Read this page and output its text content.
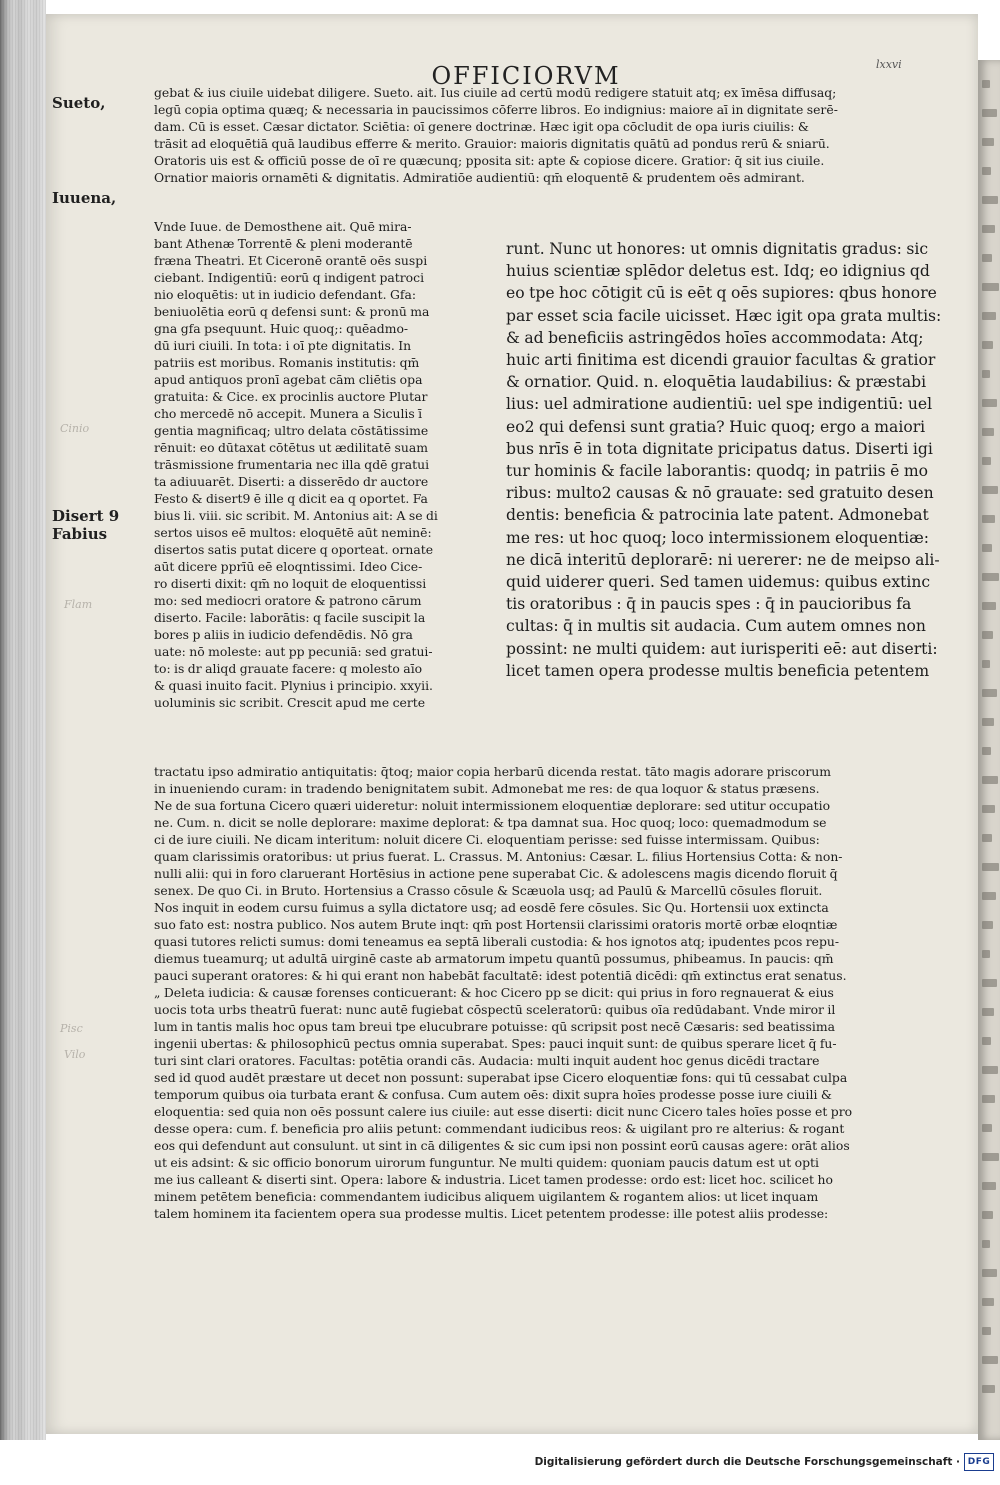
OFFICIORVM	lxxvi
Sueto,
Iuuena,
Disert 9
Fabius
Cinio
Flam
Pisc
Vilo
gebat & ius ciuile uidebat diligere. Sueto. ait. Ius ciuile ad certū modū redigere statuit atq; ex īmēsa diffusaq;
legū copia optima quæq; & necessaria in paucissimos cōferre libros. Eo indignius: maiore aī in dignitate serē-
dam. Cū is esset. Cæsar dictator. Sciētia: oī genere doctrinæ. Hæc igit opa cōcludit de opa iuris ciuilis: &
trāsit ad eloquētiā quā laudibus efferre & merito. Grauior: maioris dignitatis quātū ad pondus rerū & sniarū.
Oratoris uis est & officiū posse de oī re quæcunq; pposita sit: apte & copiose dicere. Gratior: q̄ sit ius ciuile.
Ornatior maioris ornamēti & dignitatis. Admiratiōe audientiū: qm̄ eloquentē & prudentem oēs admirant.
Vnde Iuue. de Demosthene ait. Quē mira-
bant Athenæ Torrentē & pleni moderantē
fræna Theatri. Et Ciceronē orantē oēs suspi
ciebant. Indigentiū: eorū q indigent patroci
nio eloquētis: ut in iudicio defendant. Gfa:
beniuolētia eorū q defensi sunt: & pronū ma
gna gfa psequunt. Huic quoq;: quēadmo-
dū iuri ciuili. In tota: i oī pte dignitatis. In
patriis est moribus. Romanis institutis: qm̄
apud antiquos pronī agebat cām cliētis opa
gratuita: & Cice. ex procinlis auctore Plutar
cho mercedē nō accepit. Munera a Siculis ī
gentia magnificaq; ultro delata cōstātissime
rēnuit: eo dūtaxat cōtētus ut ædilitatē suam
trāsmissione frumentaria nec illa qdē gratui
ta adiuuarēt. Diserti: a disserēdo dr auctore
Festo & disert9 ē ille q dicit ea q oportet. Fa
bius li. viii. sic scribit. M. Antonius ait: A se di
sertos uisos eē multos: eloquētē aūt neminē:
disertos satis putat dicere q oporteat. ornate
aūt dicere pprīū eē eloqntissimi. Ideo Cice-
ro diserti dixit: qm̄ no loquit de eloquentissi
mo: sed mediocri oratore & patrono cārum
diserto. Facile: laborātis: q facile suscipit la
bores p aliis in iudicio defendēdis. Nō gra
uate: nō moleste: aut pp pecuniā: sed gratui-
to: is dr aliqd grauate facere: q molesto aīo
& quasi inuito facit. Plynius i principio. xxyii.
uoluminis sic scribit. Crescit apud me certe
runt. Nunc ut honores: ut omnis dignitatis gradus: sic
huius scientiæ splēdor deletus est. Idq; eo idignius qd
eo tpe hoc cōtigit cū is eēt q oēs supiores: qbus honore
par esset scia facile uicisset. Hæc igit opa grata multis:
& ad beneficiis astringēdos hoīes accommodata: Atq;
huic arti finitima est dicendi grauior facultas & gratior
& ornatior. Quid. n. eloquētia laudabilius: & præstabi
lius: uel admiratione audientiū: uel spe indigentiū: uel
eo2 qui defensi sunt gratia? Huic quoq; ergo a maiori
bus nrīs ē in tota dignitate pricipatus datus. Diserti igi
tur hominis & facile laborantis: quodq; in patriis ē mo
ribus: multo2 causas & nō grauate: sed gratuito desen
dentis: beneficia & patrocinia late patent. Admonebat
me res: ut hoc quoq; loco intermissionem eloquentiæ:
ne dicā interitū deplorarē: ni uererer: ne de meipso ali-
quid uiderer queri. Sed tamen uidemus: quibus extinc
tis oratoribus : q̄ in paucis spes : q̄ in paucioribus fa
cultas: q̄ in multis sit audacia. Cum autem omnes non
possint: ne multi quidem: aut iurisperiti eē: aut diserti:
licet tamen opera prodesse multis beneficia petentem
tractatu ipso admiratio antiquitatis: q̄toq; maior copia herbarū dicenda restat. tāto magis adorare priscorum
in inueniendo curam: in tradendo benignitatem subit. Admonebat me res: de qua loquor & status præsens.
Ne de sua fortuna Cicero quæri uideretur: noluit intermissionem eloquentiæ deplorare: sed utitur occupatio
ne. Cum. n. dicit se nolle deplorare: maxime deplorat: & tpa damnat sua. Hoc quoq; loco: quemadmodum se
ci de iure ciuili. Ne dicam interitum: noluit dicere Ci. eloquentiam perisse: sed fuisse intermissam. Quibus:
quam clarissimis oratoribus: ut prius fuerat. L. Crassus. M. Antonius: Cæsar. L. filius Hortensius Cotta: & non-
nulli alii: qui in foro claruerant Hortēsius in actione pene superabat Cic. & adolescens magis dicendo floruit q̄
senex. De quo Ci. in Bruto. Hortensius a Crasso cōsule & Scæuola usq; ad Paulū & Marcellū cōsules floruit.
Nos inquit in eodem cursu fuimus a sylla dictatore usq; ad eosdē fere cōsules. Sic Qu. Hortensii uox extincta
suo fato est: nostra publico. Nos autem Brute inqt: qm̄ post Hortensii clarissimi oratoris mortē orbæ eloqntiæ
quasi tutores relicti sumus: domi teneamus ea septā liberali custodia: & hos ignotos atq; ipudentes pcos repu-
diemus tueamurq; ut adultā uirginē caste ab armatorum impetu quantū possumus, phibeamus. In paucis: qm̄
pauci superant oratores: & hi qui erant non habebāt facultatē: idest potentiā dicēdi: qm̄ extinctus erat senatus.
„ Deleta iudicia: & causæ forenses conticuerant: & hoc Cicero pp se dicit: qui prius in foro regnauerat & eius
uocis tota urbs theatrū fuerat: nunc autē fugiebat cōspectū sceleratorū: quibus oīa redūdabant. Vnde miror il
lum in tantis malis hoc opus tam breui tpe elucubrare potuisse: qū scripsit post necē Cæsaris: sed beatissima
ingenii ubertas: & philosophicū pectus omnia superabat. Spes: pauci inquit sunt: de quibus sperare licet q̄ fu-
turi sint clari oratores. Facultas: potētia orandi cās. Audacia: multi inquit audent hoc genus dicēdi tractare
sed id quod audēt præstare ut decet non possunt: superabat ipse Cicero eloquentiæ fons: qui tū cessabat culpa
temporum quibus oia turbata erant & confusa. Cum autem oēs: dixit supra hoīes prodesse posse iure ciuili &
eloquentia: sed quia non oēs possunt calere ius ciuile: aut esse diserti: dicit nunc Cicero tales hoīes posse et pro
desse opera: cum. f. beneficia pro aliis petunt: commendant iudicibus reos: & uigilant pro re alterius: & rogant
eos qui defendunt aut consulunt. ut sint in cā diligentes & sic cum ipsi non possint eorū causas agere: orāt alios
ut eis adsint: & sic officio bonorum uirorum funguntur. Ne multi quidem: quoniam paucis datum est ut opti
me ius calleant & diserti sint. Opera: labore & industria. Licet tamen prodesse: ordo est: licet hoc. scilicet ho
minem petētem beneficia: commendantem iudicibus aliquem uigilantem & rogantem alios: ut licet inquam
talem hominem ita facientem opera sua prodesse multis. Licet petentem prodesse: ille potest aliis prodesse:
Digitalisierung gefördert durch die Deutsche Forschungsgemeinschaft · DFG
